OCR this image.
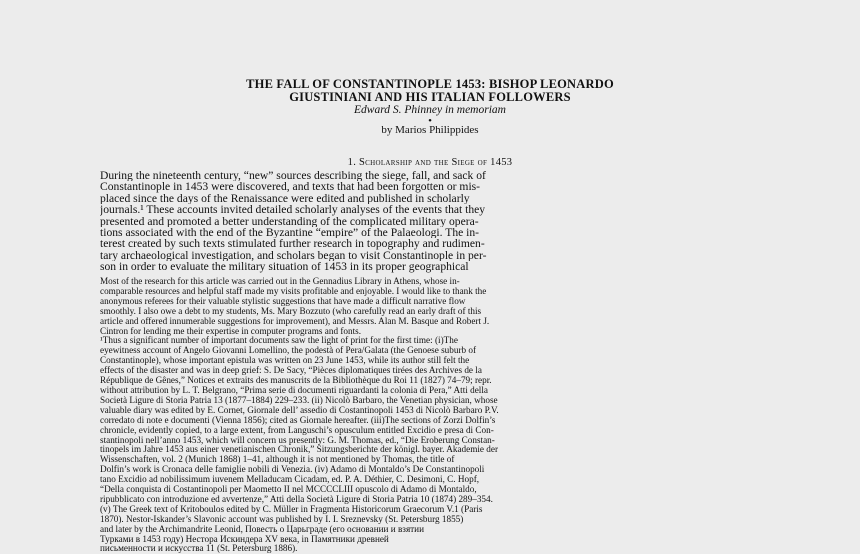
THE FALL OF CONSTANTINOPLE 1453: BISHOP LEONARDO
GIUSTINIANI AND HIS ITALIAN FOLLOWERS
Edward S. Phinney in memoriam
•
by Marios Philippides
1. Scholarship and the Siege of 1453
During the nineteenth century, “new” sources describing the siege, fall, and sack of
Constantinople in 1453 were discovered, and texts that had been forgotten or mis-
placed since the days of the Renaissance were edited and published in scholarly
journals.¹ These accounts invited detailed scholarly analyses of the events that they
presented and promoted a better understanding of the complicated military opera-
tions associated with the end of the Byzantine “empire” of the Palaeologi. The in-
terest created by such texts stimulated further research in topography and rudimen-
tary archaeological investigation, and scholars began to visit Constantinople in per-
son in order to evaluate the military situation of 1453 in its proper geographical
Most of the research for this article was carried out in the Gennadius Library in Athens, whose in-
comparable resources and helpful staff made my visits profitable and enjoyable. I would like to thank the
anonymous referees for their valuable stylistic suggestions that have made a difficult narrative flow
smoothly. I also owe a debt to my students, Ms. Mary Bozzuto (who carefully read an early draft of this
article and offered innumerable suggestions for improvement), and Messrs. Alan M. Basque and Robert J.
Cintron for lending me their expertise in computer programs and fonts.
¹Thus a significant number of important documents saw the light of print for the first time: (i)The
eyewitness account of Angelo Giovanni Lomellino, the podestà of Pera/Galata (the Genoese suburb of
Constantinople), whose important epistula was written on 23 June 1453, while its author still felt the
effects of the disaster and was in deep grief: S. De Sacy, “Pièces diplomatiques tirées des Archives de la
République de Gênes,” Notices et extraits des manuscrits de la Bibliothèque du Roi 11 (1827) 74–79; repr.
without attribution by L. T. Belgrano, “Prima serie di documenti riguardanti la colonia di Pera,” Atti della
Società Ligure di Storia Patria 13 (1877–1884) 229–233. (ii) Nicolò Barbaro, the Venetian physician, whose
valuable diary was edited by E. Cornet, Giornale dell’ assedio di Costantinopoli 1453 di Nicolò Barbaro P.V.
corredato di note e documenti (Vienna 1856); cited as Giornale hereafter. (iii)The sections of Zorzi Dolfin’s
chronicle, evidently copied, to a large extent, from Languschi’s opusculum entitled Excidio e presa di Con-
stantinopoli nell’anno 1453, which will concern us presently: G. M. Thomas, ed., “Die Eroberung Constan-
tinopels im Jahre 1453 aus einer venetianischen Chronik,” Sitzungsberichte der königl. bayer. Akademie der
Wissenschaften, vol. 2 (Munich 1868) 1–41, although it is not mentioned by Thomas, the title of
Dolfin’s work is Cronaca delle famiglie nobili di Venezia. (iv) Adamo di Montaldo’s De Constantinopoli
tano Excidio ad nobilissimum iuvenem Melladucam Cicadam, ed. P. A. Déthier, C. Desimoni, C. Hopf,
“Della conquista di Costantinopoli per Maometto II nel MCCCCLIII opuscolo di Adamo di Montaldo,
ripubblicato con introduzione ed avvertenze,” Atti della Società Ligure di Storia Patria 10 (1874) 289–354.
(v) The Greek text of Kritoboulos edited by C. Müller in Fragmenta Historicorum Graecorum V.1 (Paris
1870). Nestor-Iskander’s Slavonic account was published by I. I. Sreznevsky (St. Petersburg 1855)
and later by the Archimandrite Leonid, Повесть о Царьграде (его основании и взятии
Турками в 1453 году) Нестора Искиндера XV века, in Памятники древней
письменности и искусства 11 (St. Petersburg 1886).
